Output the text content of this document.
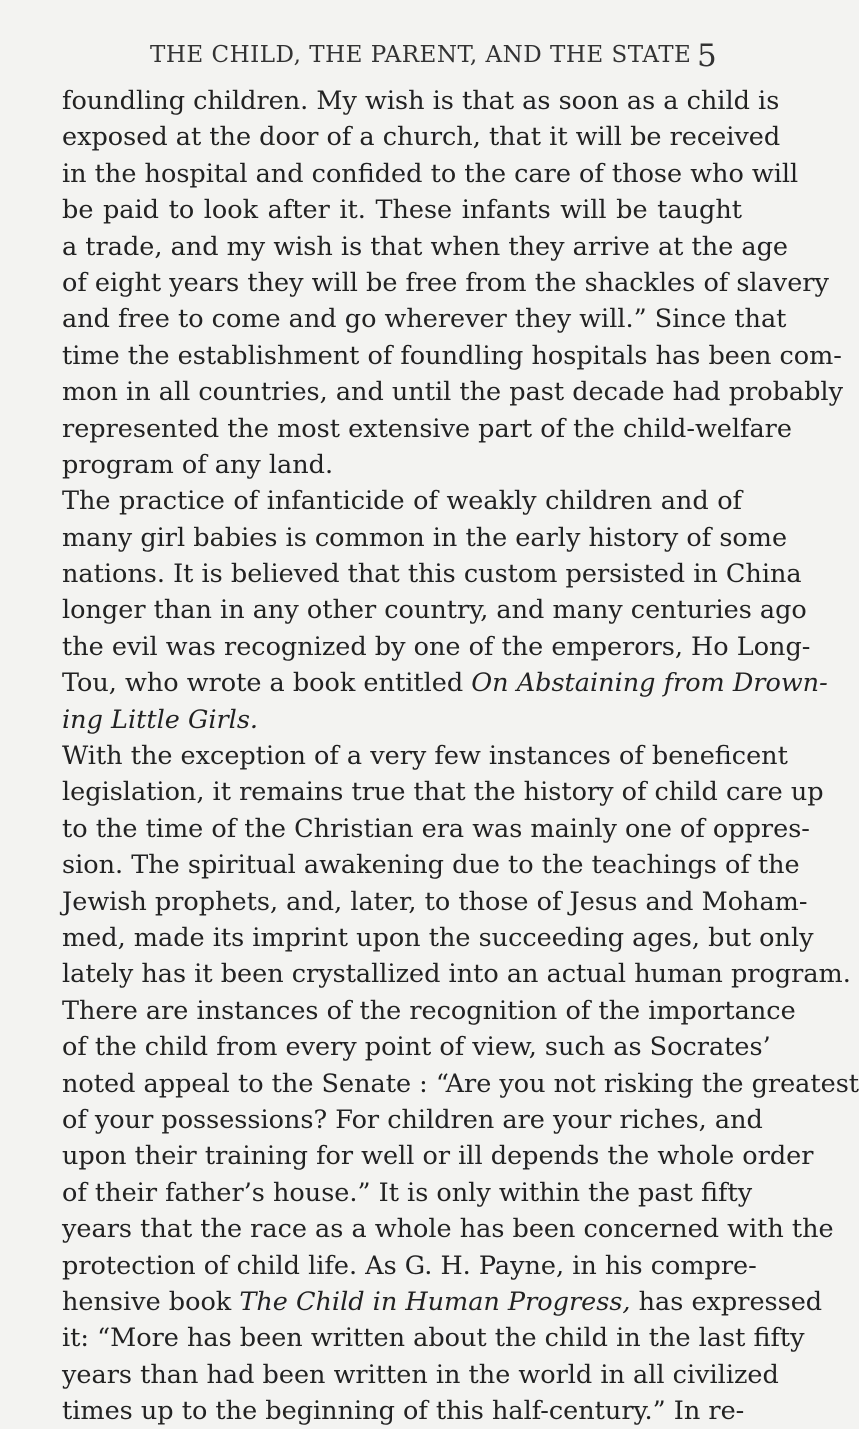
THE CHILD, THE PARENT, AND THE STATE 5
foundling children. My wish is that as soon as a child is
exposed at the door of a church, that it will be received
in the hospital and confided to the care of those who will
be paid to look after it. These infants will be taught
a trade, and my wish is that when they arrive at the age
of eight years they will be free from the shackles of slavery
and free to come and go wherever they will.” Since that
time the establishment of foundling hospitals has been com-
mon in all countries, and until the past decade had probably
represented the most extensive part of the child-welfare
program of any land.
The practice of infanticide of weakly children and of
many girl babies is common in the early history of some
nations. It is believed that this custom persisted in China
longer than in any other country, and many centuries ago
the evil was recognized by one of the emperors, Ho Long-
Tou, who wrote a book entitled On Abstaining from Drown-
ing Little Girls.
With the exception of a very few instances of beneficent
legislation, it remains true that the history of child care up
to the time of the Christian era was mainly one of oppres-
sion. The spiritual awakening due to the teachings of the
Jewish prophets, and, later, to those of Jesus and Moham-
med, made its imprint upon the succeeding ages, but only
lately has it been crystallized into an actual human program.
There are instances of the recognition of the importance
of the child from every point of view, such as Socrates’
noted appeal to the Senate : “Are you not risking the greatest
of your possessions? For children are your riches, and
upon their training for well or ill depends the whole order
of their father’s house.” It is only within the past fifty
years that the race as a whole has been concerned with the
protection of child life. As G. H. Payne, in his compre-
hensive book The Child in Human Progress, has expressed
it: “More has been written about the child in the last fifty
years than had been written in the world in all civilized
times up to the beginning of this half-century.” In re-
